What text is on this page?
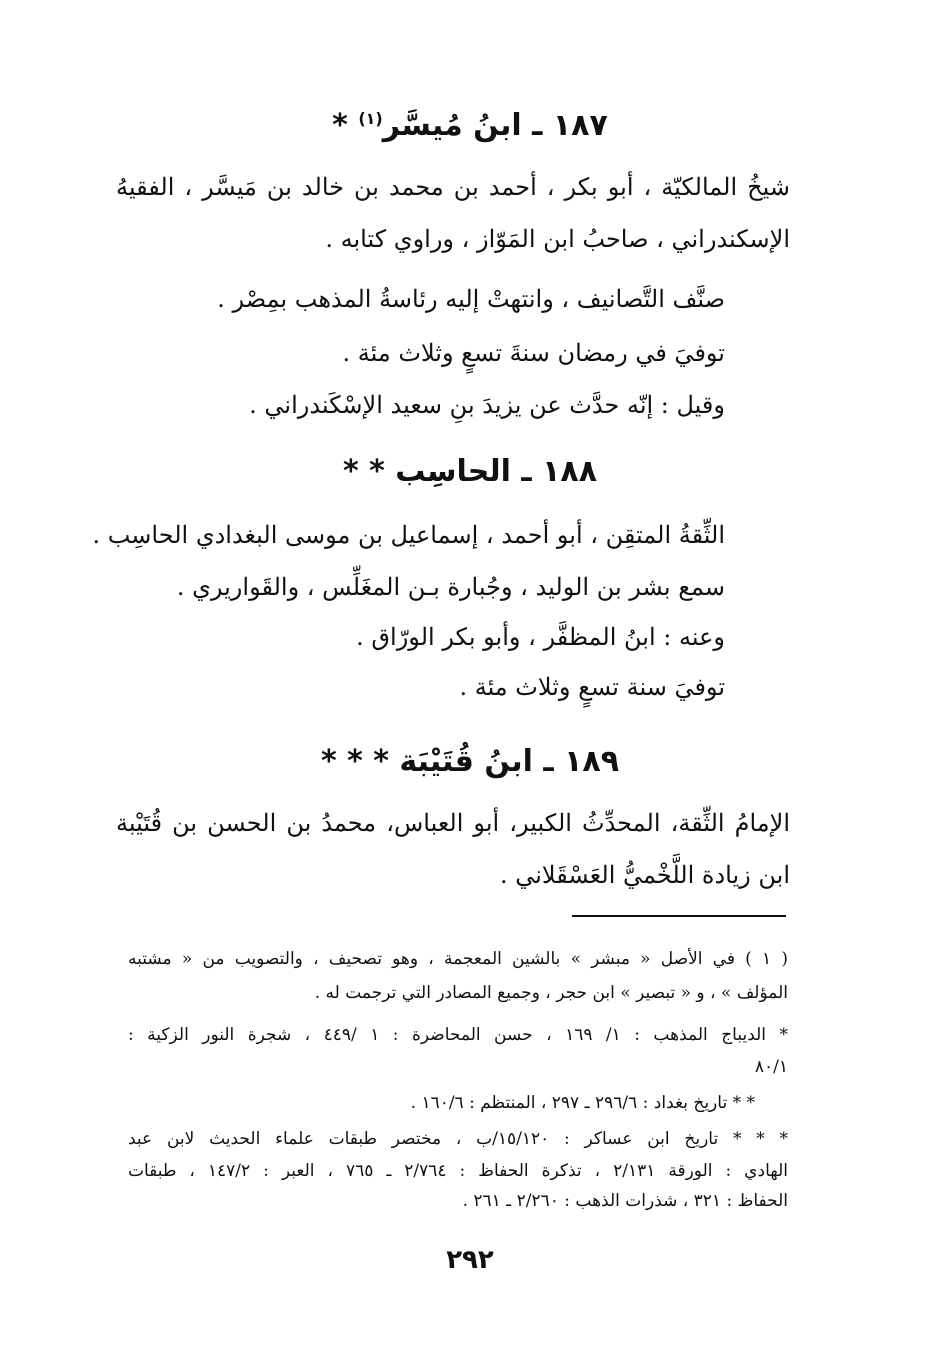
١٨٧ ـ ابنُ مُيسَّر$^{(١)}$ *
شيخُ المالكيّة ، أبو بكر ، أحمد بن محمد بن خالد بن مَيسَّر ، الفقيهُ
الإسكندراني ، صاحبُ ابن المَوّاز ، وراوي كتابه .
صنَّف التَّصانيف ، وانتهتْ إليه رئاسةُ المذهب بمِصْر .
توفيَ في رمضان سنةَ تسعٍ وثلاث مئة .
وقيل : إنّه حدَّث عن يزيدَ بنِ سعيد الإسْكَندراني .
١٨٨ ـ الحاسِب * *
الثِّقةُ المتقِن ، أبو أحمد ، إسماعيل بن موسى البغدادي الحاسِب .
سمع بشر بن الوليد ، وجُبارة بـن المغَلِّس ، والقَواريري .
وعنه : ابنُ المظفَّر ، وأبو بكر الورّاق .
توفيَ سنة تسعٍ وثلاث مئة .
١٨٩ ـ ابنُ قُتَيْبَة * * *
الإمامُ الثِّقة، المحدِّثُ الكبير، أبو العباس، محمدُ بن الحسن بن قُتَيْبة
ابن زيادة اللَّخْميُّ العَسْقَلاني .
( ١ ) في الأصل « مبشر » بالشين المعجمة ، وهو تصحيف ، والتصويب من « مشتبه
المؤلف » ، و « تبصير » ابن حجر ، وجميع المصادر التي ترجمت له .
* الديباج المذهب : ١/ ١٦٩ ، حسن المحاضرة : ١ /٤٤٩ ، شجرة النور الزكية :
٨٠/١
* * تاريخ بغداد : ٢٩٦/٦ ـ ٢٩٧ ، المنتظم : ١٦٠/٦ .
* * * تاريخ ابن عساكر : ١٥/١٢٠/ب ، مختصر طبقات علماء الحديث لابن عبد
الهادي : الورقة ٢/١٣١ ، تذكرة الحفاظ : ٢/٧٦٤ ـ ٧٦٥ ، العبر : ١٤٧/٢ ، طبقات
الحفاظ : ٣٢١ ، شذرات الذهب : ٢/٢٦٠ ـ ٢٦١ .
٢٩٢
